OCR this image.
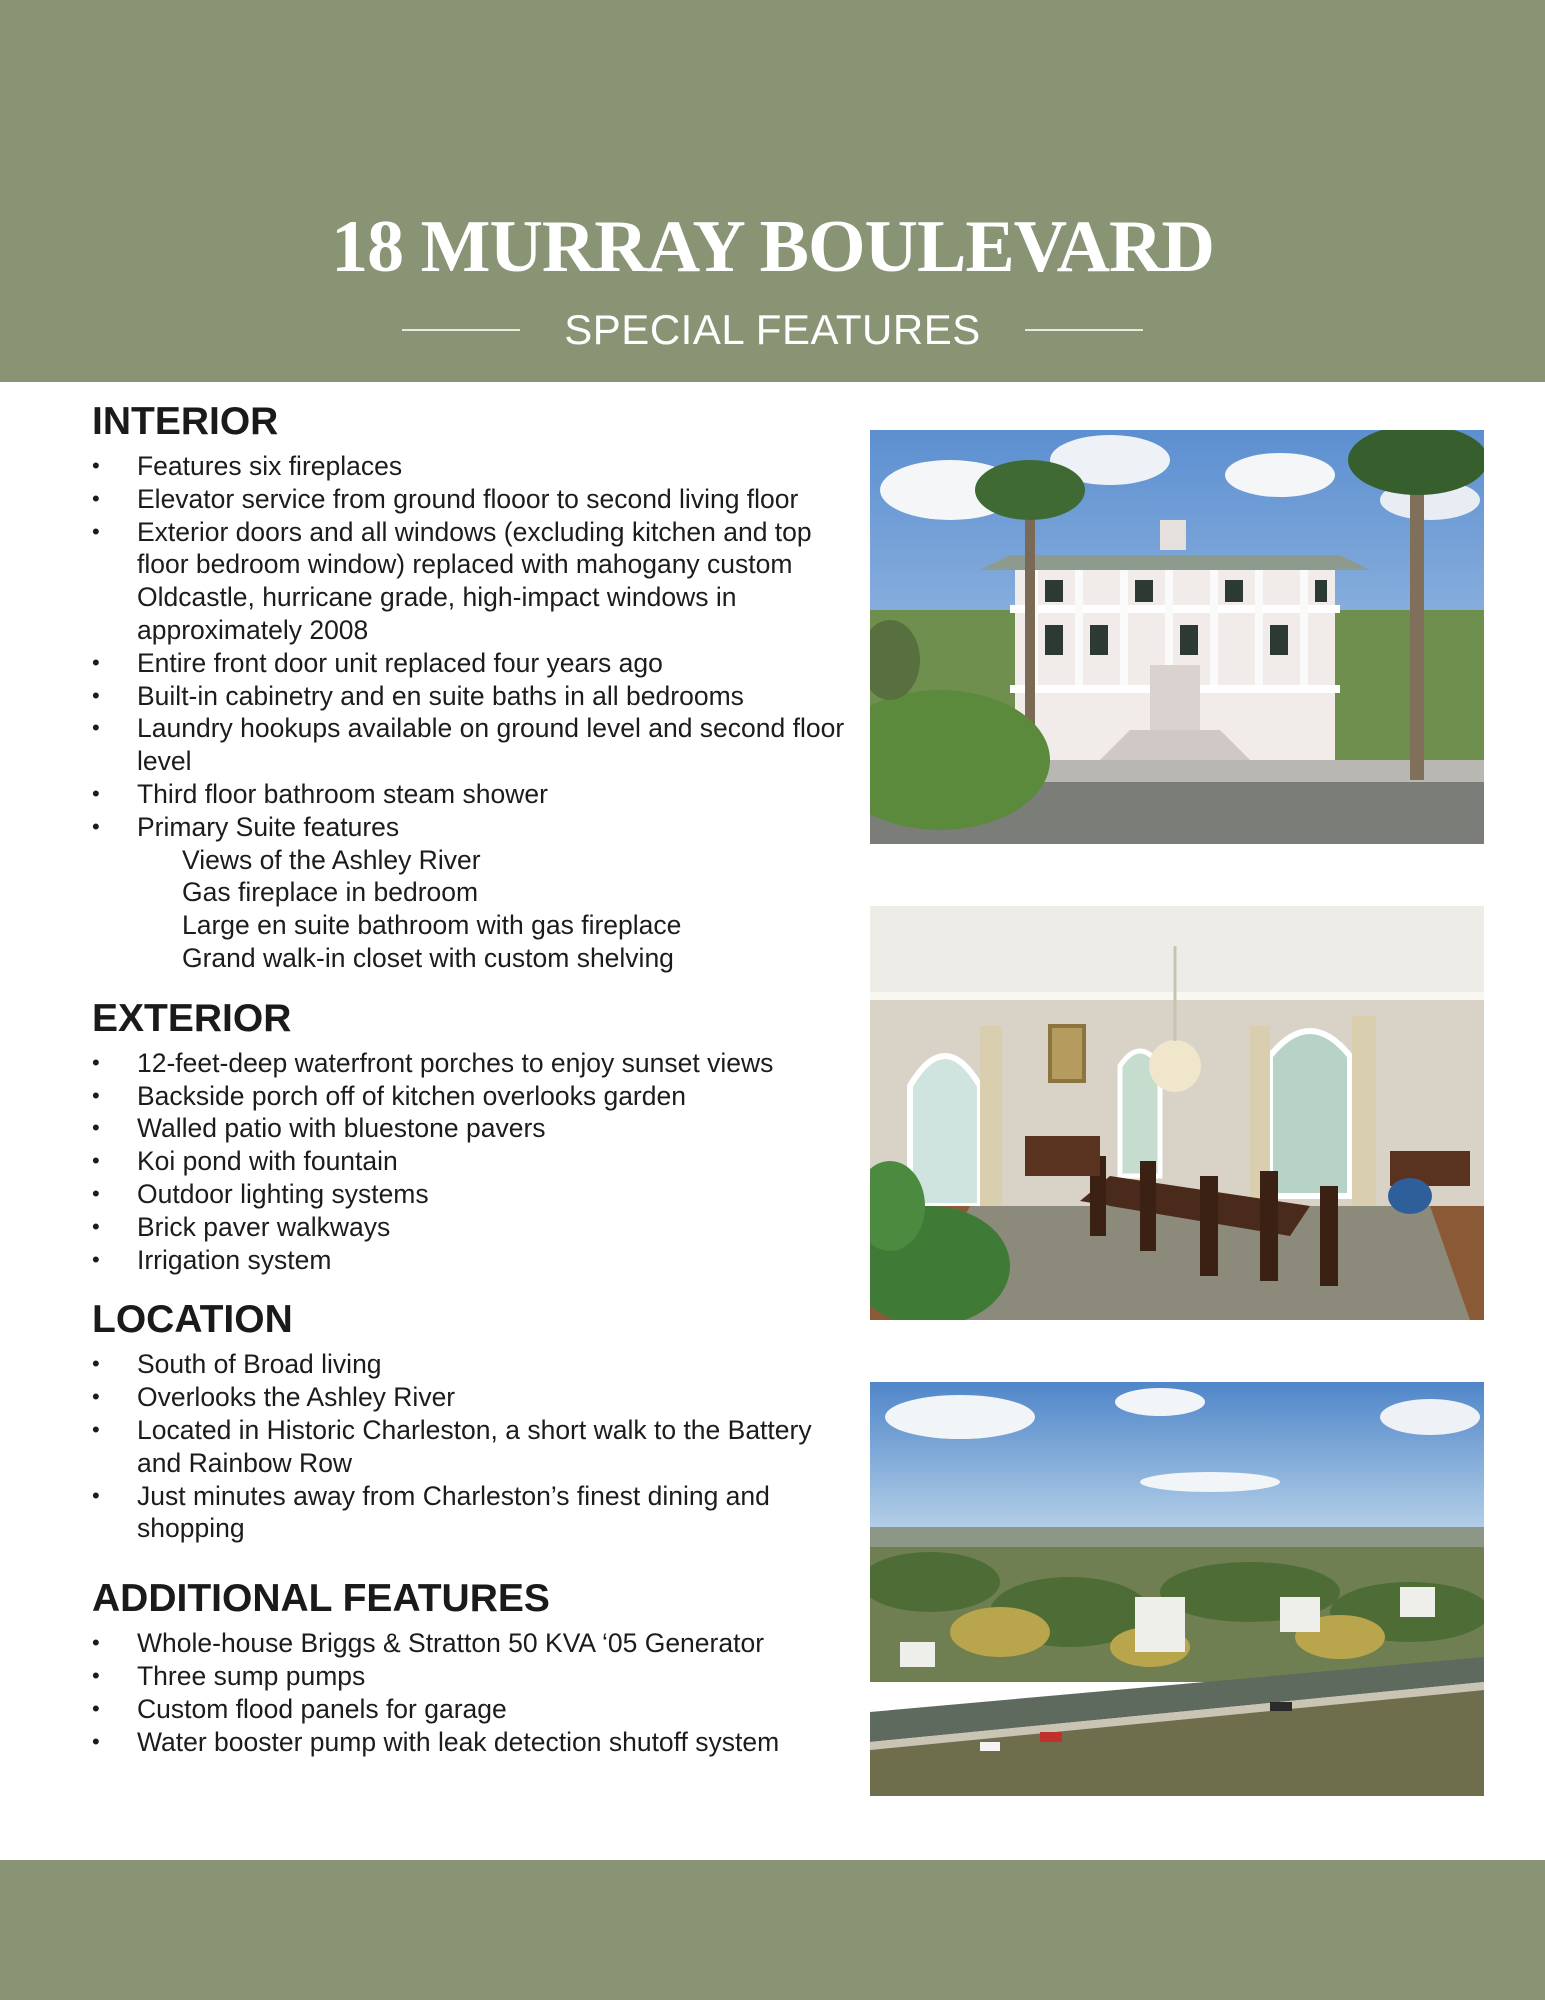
18 MURRAY BOULEVARD
SPECIAL FEATURES
INTERIOR
• Features six fireplaces
• Elevator service from ground flooor to second living floor
• Exterior doors and all windows (excluding kitchen and top floor bedroom window) replaced with mahogany custom Oldcastle, hurricane grade, high-impact windows in approximately 2008
• Entire front door unit replaced four years ago
• Built-in cabinetry and en suite baths in all bedrooms
• Laundry hookups available on ground level and second floor level
• Third floor bathroom steam shower
• Primary Suite features
Views of the Ashley River
Gas fireplace in bedroom
Large en suite bathroom with gas fireplace
Grand walk-in closet with custom shelving
EXTERIOR
• 12-feet-deep waterfront porches to enjoy sunset views
• Backside porch off of kitchen overlooks garden
• Walled patio with bluestone pavers
• Koi pond with fountain
• Outdoor lighting systems
• Brick paver walkways
• Irrigation system
LOCATION
• South of Broad living
• Overlooks the Ashley River
• Located in Historic Charleston, a short walk to the Battery and Rainbow Row
• Just minutes away from Charleston’s finest dining and shopping
ADDITIONAL FEATURES
• Whole-house Briggs & Stratton 50 KVA ‘05 Generator
• Three sump pumps
• Custom flood panels for garage
• Water booster pump with leak detection shutoff system
